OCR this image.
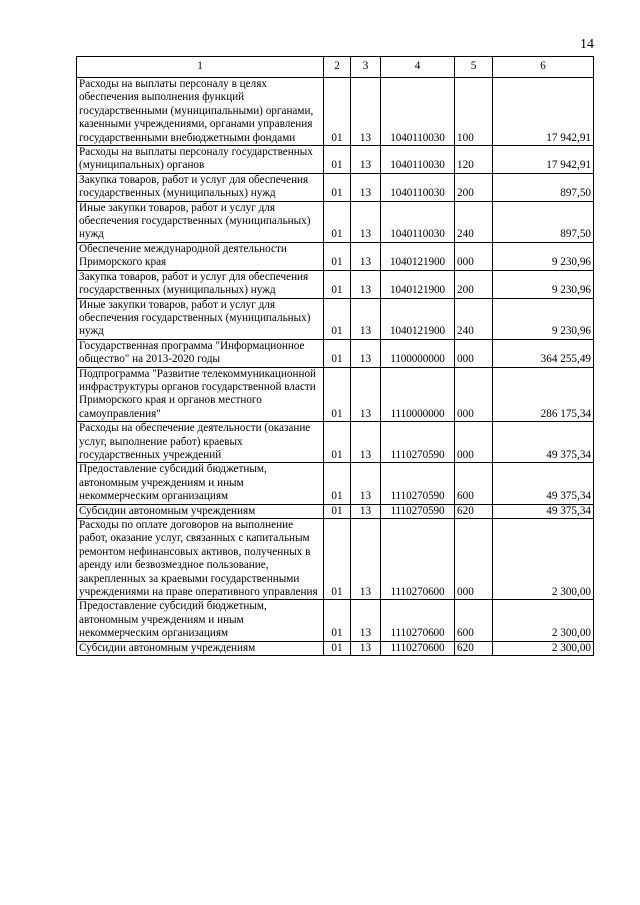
14
1	2	3	4	5	6
Расходы на выплаты персоналу в целях обеспечения выполнения функций государственными (муниципальными) органами, казенными учреждениями, органами управления государственными внебюджетными фондами	01	13	1040110030	100	17 942,91
Расходы на выплаты персоналу государственных (муниципальных) органов	01	13	1040110030	120	17 942,91
Закупка товаров, работ и услуг для обеспечения государственных (муниципальных) нужд	01	13	1040110030	200	897,50
Иные закупки товаров, работ и услуг для обеспечения государственных (муниципальных) нужд	01	13	1040110030	240	897,50
Обеспечение международной деятельности Приморского края	01	13	1040121900	000	9 230,96
Закупка товаров, работ и услуг для обеспечения государственных (муниципальных) нужд	01	13	1040121900	200	9 230,96
Иные закупки товаров, работ и услуг для обеспечения государственных (муниципальных) нужд	01	13	1040121900	240	9 230,96
Государственная программа "Информационное общество" на 2013-2020 годы	01	13	1100000000	000	364 255,49
Подпрограмма "Развитие телекоммуникационной инфраструктуры органов государственной власти Приморского края и органов местного самоуправления"	01	13	1110000000	000	286 175,34
Расходы на обеспечение деятельности (оказание услуг, выполнение работ) краевых государственных учреждений	01	13	1110270590	000	49 375,34
Предоставление субсидий бюджетным, автономным учреждениям и иным некоммерческим организациям	01	13	1110270590	600	49 375,34
Субсидии автономным учреждениям	01	13	1110270590	620	49 375,34
Расходы по оплате договоров на выполнение работ, оказание услуг, связанных с капитальным ремонтом нефинансовых активов, полученных в аренду или безвозмездное пользование, закрепленных за краевыми государственными учреждениями на праве оперативного управления	01	13	1110270600	000	2 300,00
Предоставление субсидий бюджетным, автономным учреждениям и иным некоммерческим организациям	01	13	1110270600	600	2 300,00
Субсидии автономным учреждениям	01	13	1110270600	620	2 300,00
